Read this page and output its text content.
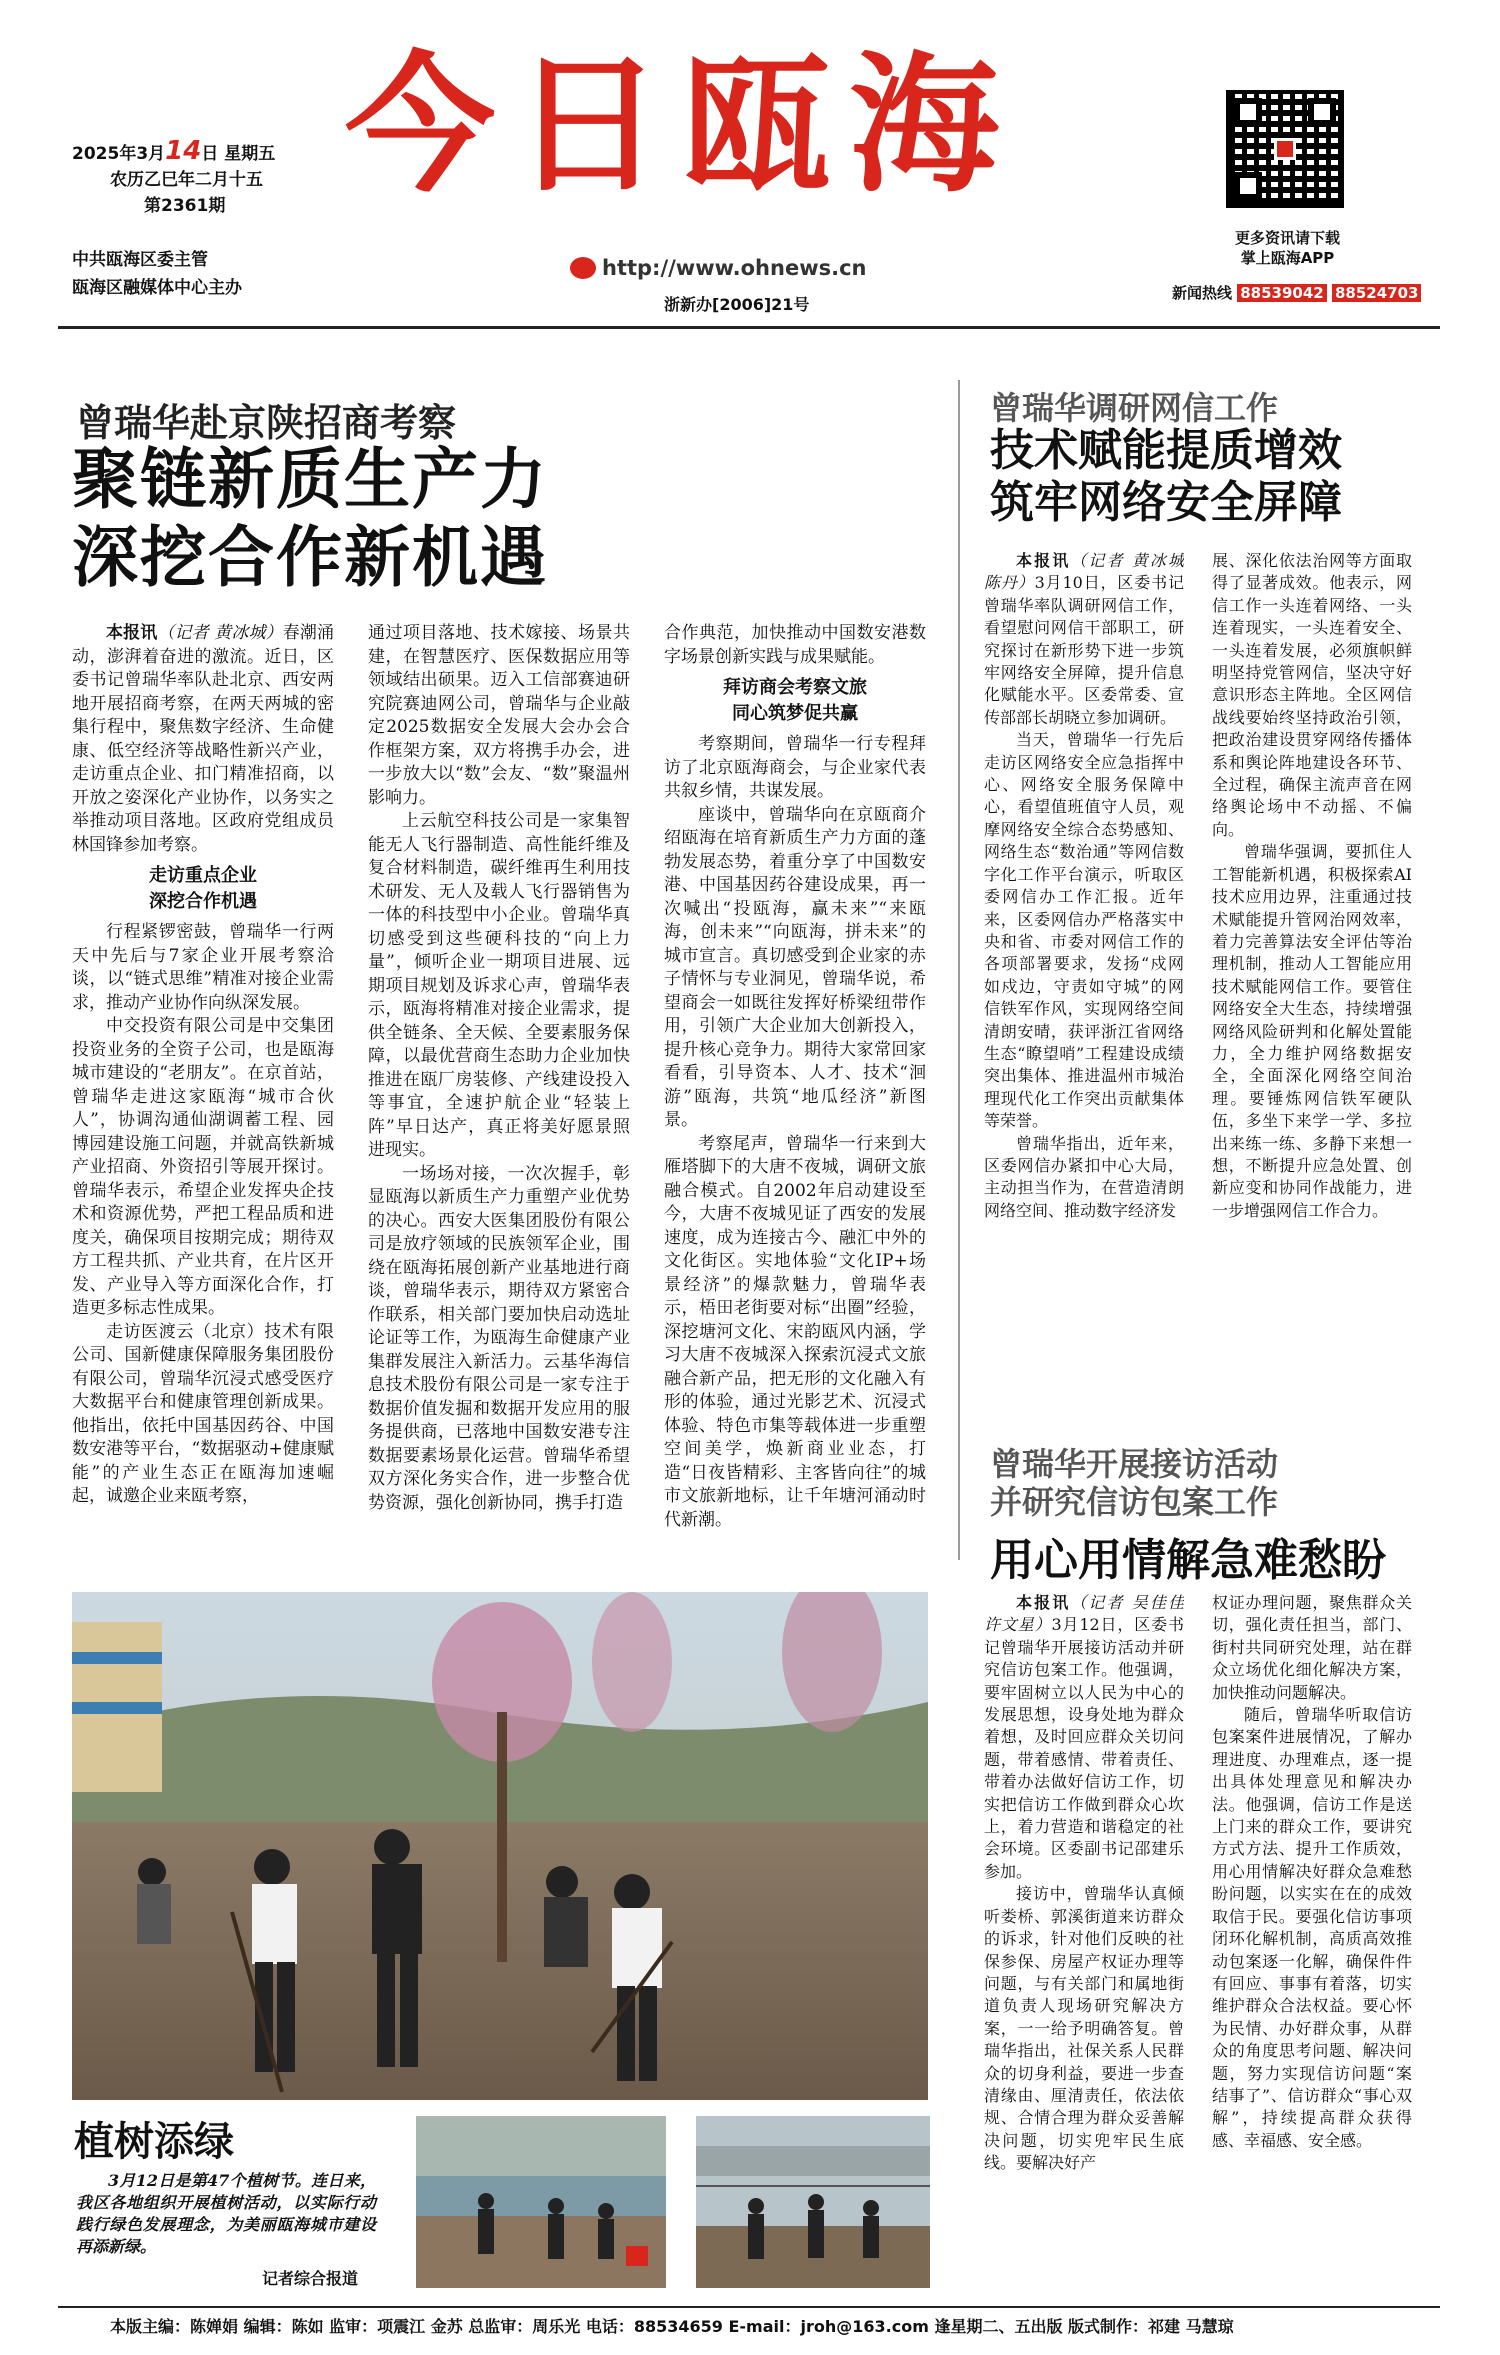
2025年3月14日 星期五
农历乙巳年二月十五
第2361期
中共瓯海区委主管
瓯海区融媒体中心主办
今日瓯海
http://www.ohnews.cn
浙新办[2006]21号
更多资讯请下载
掌上瓯海APP
新闻热线 88539042 88524703
曾瑞华赴京陕招商考察
聚链新质生产力
深挖合作新机遇

本报讯（记者 黄冰城）春潮涌动，澎湃着奋进的激流。近日，区委书记曾瑞华率队赴北京、西安两地开展招商考察，在两天两城的密集行程中，聚焦数字经济、生命健康、低空经济等战略性新兴产业，走访重点企业、扣门精准招商，以开放之姿深化产业协作，以务实之举推动项目落地。区政府党组成员林国锋参加考察。

走访重点企业
深挖合作机遇

行程紧锣密鼓，曾瑞华一行两天中先后与7家企业开展考察洽谈，以“链式思维”精准对接企业需求，推动产业协作向纵深发展。

中交投资有限公司是中交集团投资业务的全资子公司，也是瓯海城市建设的“老朋友”。在京首站，曾瑞华走进这家瓯海“城市合伙人”，协调沟通仙湖调蓄工程、园博园建设施工问题，并就高铁新城产业招商、外资招引等展开探讨。曾瑞华表示，希望企业发挥央企技术和资源优势，严把工程品质和进度关，确保项目按期完成；期待双方工程共抓、产业共育，在片区开发、产业导入等方面深化合作，打造更多标志性成果。

走访医渡云（北京）技术有限公司、国新健康保障服务集团股份有限公司，曾瑞华沉浸式感受医疗大数据平台和健康管理创新成果。他指出，依托中国基因药谷、中国数安港等平台，“数据驱动+健康赋能”的产业生态正在瓯海加速崛起，诚邀企业来瓯考察，

通过项目落地、技术嫁接、场景共建，在智慧医疗、医保数据应用等领域结出硕果。迈入工信部赛迪研究院赛迪网公司，曾瑞华与企业敲定2025数据安全发展大会办会合作框架方案，双方将携手办会，进一步放大以“数”会友、“数”聚温州影响力。

上云航空科技公司是一家集智能无人飞行器制造、高性能纤维及复合材料制造，碳纤维再生利用技术研发、无人及载人飞行器销售为一体的科技型中小企业。曾瑞华真切感受到这些硬科技的“向上力量”，倾听企业一期项目进展、远期项目规划及诉求心声，曾瑞华表示，瓯海将精准对接企业需求，提供全链条、全天候、全要素服务保障，以最优营商生态助力企业加快推进在瓯厂房装修、产线建设投入等事宜，全速护航企业“轻装上阵”早日达产，真正将美好愿景照进现实。

一场场对接，一次次握手，彰显瓯海以新质生产力重塑产业优势的决心。西安大医集团股份有限公司是放疗领域的民族领军企业，围绕在瓯海拓展创新产业基地进行商谈，曾瑞华表示，期待双方紧密合作联系，相关部门要加快启动选址论证等工作，为瓯海生命健康产业集群发展注入新活力。云基华海信息技术股份有限公司是一家专注于数据价值发掘和数据开发应用的服务提供商，已落地中国数安港专注数据要素场景化运营。曾瑞华希望双方深化务实合作，进一步整合优势资源，强化创新协同，携手打造

合作典范，加快推动中国数安港数字场景创新实践与成果赋能。

拜访商会考察文旅
同心筑梦促共赢

考察期间，曾瑞华一行专程拜访了北京瓯海商会，与企业家代表共叙乡情，共谋发展。

座谈中，曾瑞华向在京瓯商介绍瓯海在培育新质生产力方面的蓬勃发展态势，着重分享了中国数安港、中国基因药谷建设成果，再一次喊出“投瓯海，赢未来”“来瓯海，创未来”“向瓯海，拼未来”的城市宣言。真切感受到企业家的赤子情怀与专业洞见，曾瑞华说，希望商会一如既往发挥好桥梁纽带作用，引领广大企业加大创新投入，提升核心竞争力。期待大家常回家看看，引导资本、人才、技术“洄游”瓯海，共筑“地瓜经济”新图景。

考察尾声，曾瑞华一行来到大雁塔脚下的大唐不夜城，调研文旅融合模式。自2002年启动建设至今，大唐不夜城见证了西安的发展速度，成为连接古今、融汇中外的文化街区。实地体验“文化IP+场景经济”的爆款魅力，曾瑞华表示，梧田老街要对标“出圈”经验，深挖塘河文化、宋韵瓯风内涵，学习大唐不夜城深入探索沉浸式文旅融合新产品，把无形的文化融入有形的体验，通过光影艺术、沉浸式体验、特色市集等载体进一步重塑空间美学，焕新商业业态，打造“日夜皆精彩、主客皆向往”的城市文旅新地标，让千年塘河涌动时代新潮。

曾瑞华调研网信工作
技术赋能提质增效
筑牢网络安全屏障

本报讯（记者 黄冰城 陈丹）3月10日，区委书记曾瑞华率队调研网信工作，看望慰问网信干部职工，研究探讨在新形势下进一步筑牢网络安全屏障，提升信息化赋能水平。区委常委、宣传部部长胡晓立参加调研。

当天，曾瑞华一行先后走访区网络安全应急指挥中心、网络安全服务保障中心，看望值班值守人员，观摩网络安全综合态势感知、网络生态“数治通”等网信数字化工作平台演示，听取区委网信办工作汇报。近年来，区委网信办严格落实中央和省、市委对网信工作的各项部署要求，发扬“戍网如戍边，守责如守城”的网信铁军作风，实现网络空间清朗安晴，获评浙江省网络生态“瞭望哨”工程建设成绩突出集体、推进温州市城治理现代化工作突出贡献集体等荣誉。

曾瑞华指出，近年来，区委网信办紧扣中心大局，主动担当作为，在营造清朗网络空间、推动数字经济发

展、深化依法治网等方面取得了显著成效。他表示，网信工作一头连着网络、一头连着现实，一头连着安全、一头连着发展，必须旗帜鲜明坚持党管网信，坚决守好意识形态主阵地。全区网信战线要始终坚持政治引领，把政治建设贯穿网络传播体系和舆论阵地建设各环节、全过程，确保主流声音在网络舆论场中不动摇、不偏向。

曾瑞华强调，要抓住人工智能新机遇，积极探索AI技术应用边界，注重通过技术赋能提升管网治网效率，着力完善算法安全评估等治理机制，推动人工智能应用技术赋能网信工作。要管住网络安全大生态，持续增强网络风险研判和化解处置能力，全力维护网络数据安全，全面深化网络空间治理。要锤炼网信铁军硬队伍，多坐下来学一学、多拉出来练一练、多静下来想一想，不断提升应急处置、创新应变和协同作战能力，进一步增强网信工作合力。

曾瑞华开展接访活动
并研究信访包案工作
用心用情解急难愁盼

本报讯（记者 吴佳佳 许文星）3月12日，区委书记曾瑞华开展接访活动并研究信访包案工作。他强调，要牢固树立以人民为中心的发展思想，设身处地为群众着想，及时回应群众关切问题，带着感情、带着责任、带着办法做好信访工作，切实把信访工作做到群众心坎上，着力营造和谐稳定的社会环境。区委副书记邵建乐参加。

接访中，曾瑞华认真倾听娄桥、郭溪街道来访群众的诉求，针对他们反映的社保参保、房屋产权证办理等问题，与有关部门和属地街道负责人现场研究解决方案，一一给予明确答复。曾瑞华指出，社保关系人民群众的切身利益，要进一步查清缘由、厘清责任，依法依规、合情合理为群众妥善解决问题，切实兜牢民生底线。要解决好产

权证办理问题，聚焦群众关切，强化责任担当，部门、街村共同研究处理，站在群众立场优化细化解决方案，加快推动问题解决。

随后，曾瑞华听取信访包案案件进展情况，了解办理进度、办理难点，逐一提出具体处理意见和解决办法。他强调，信访工作是送上门来的群众工作，要讲究方式方法、提升工作质效，用心用情解决好群众急难愁盼问题，以实实在在的成效取信于民。要强化信访事项闭环化解机制，高质高效推动包案逐一化解，确保件件有回应、事事有着落，切实维护群众合法权益。要心怀为民情、办好群众事，从群众的角度思考问题、解决问题，努力实现信访问题“案结事了”、信访群众“事心双解”，持续提高群众获得感、幸福感、安全感。

植树添绿
3月12日是第47个植树节。连日来，我区各地组织开展植树活动，以实际行动践行绿色发展理念，为美丽瓯海城市建设再添新绿。
记者综合报道
本版主编：陈婵娟 编辑：陈如 监审：项震江 金苏 总监审：周乐光 电话：88534659 E-mail：jroh@163.com 逢星期二、五出版 版式制作：祁建 马慧琼
